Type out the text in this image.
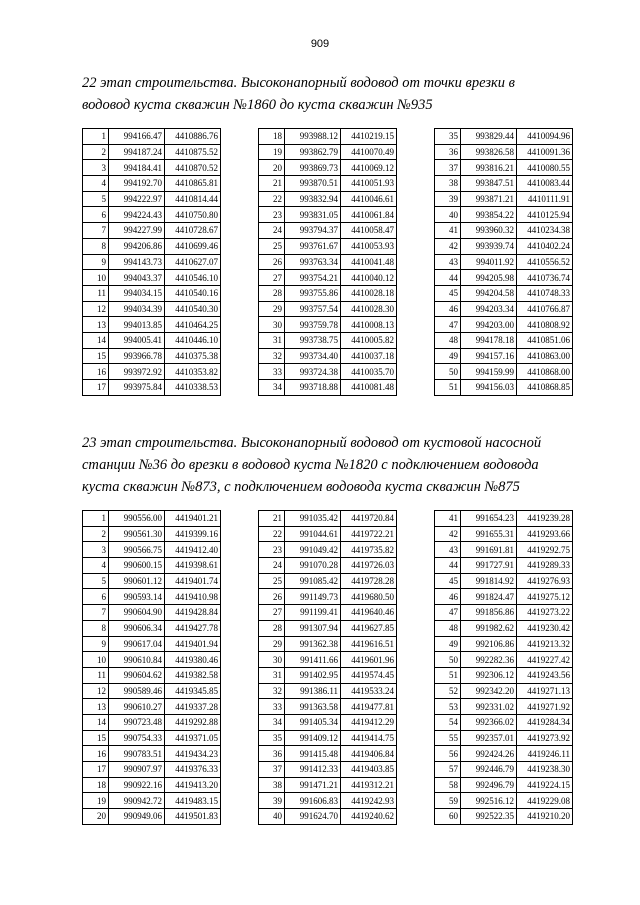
909
22 этап строительства. Высоконапорный водовод от точки врезки в
водовод куста скважин №1860 до куста скважин №935
1	994166.47	4410886.76
2	994187.24	4410875.52
3	994184.41	4410870.52
4	994192.70	4410865.81
5	994222.97	4410814.44
6	994224.43	4410750.80
7	994227.99	4410728.67
8	994206.86	4410699.46
9	994143.73	4410627.07
10	994043.37	4410546.10
11	994034.15	4410540.16
12	994034.39	4410540.30
13	994013.85	4410464.25
14	994005.41	4410446.10
15	993966.78	4410375.38
16	993972.92	4410353.82
17	993975.84	4410338.53
18	993988.12	4410219.15
19	993862.79	4410070.49
20	993869.73	4410069.12
21	993870.51	4410051.93
22	993832.94	4410046.61
23	993831.05	4410061.84
24	993794.37	4410058.47
25	993761.67	4410053.93
26	993763.34	4410041.48
27	993754.21	4410040.12
28	993755.86	4410028.18
29	993757.54	4410028.30
30	993759.78	4410008.13
31	993738.75	4410005.82
32	993734.40	4410037.18
33	993724.38	4410035.70
34	993718.88	4410081.48
35	993829.44	4410094.96
36	993826.58	4410091.36
37	993816.21	4410080.55
38	993847.51	4410083.44
39	993871.21	4410111.91
40	993854.22	4410125.94
41	993960.32	4410234.38
42	993939.74	4410402.24
43	994011.92	4410556.52
44	994205.98	4410736.74
45	994204.58	4410748.33
46	994203.34	4410766.87
47	994203.00	4410808.92
48	994178.18	4410851.06
49	994157.16	4410863.00
50	994159.99	4410868.00
51	994156.03	4410868.85
23 этап строительства. Высоконапорный водовод от кустовой насосной
станции №36 до врезки в водовод куста №1820 с подключением водовода
куста скважин №873, с подключением водовода куста скважин №875
1	990556.00	4419401.21
2	990561.30	4419399.16
3	990566.75	4419412.40
4	990600.15	4419398.61
5	990601.12	4419401.74
6	990593.14	4419410.98
7	990604.90	4419428.84
8	990606.34	4419427.78
9	990617.04	4419401.94
10	990610.84	4419380.46
11	990604.62	4419382.58
12	990589.46	4419345.85
13	990610.27	4419337.28
14	990723.48	4419292.88
15	990754.33	4419371.05
16	990783.51	4419434.23
17	990907.97	4419376.33
18	990922.16	4419413.20
19	990942.72	4419483.15
20	990949.06	4419501.83
21	991035.42	4419720.84
22	991044.61	4419722.21
23	991049.42	4419735.82
24	991070.28	4419726.03
25	991085.42	4419728.28
26	991149.73	4419680.50
27	991199.41	4419640.46
28	991307.94	4419627.85
29	991362.38	4419616.51
30	991411.66	4419601.96
31	991402.95	4419574.45
32	991386.11	4419533.24
33	991363.58	4419477.81
34	991405.34	4419412.29
35	991409.12	4419414.75
36	991415.48	4419406.84
37	991412.33	4419403.85
38	991471.21	4419312.21
39	991606.83	4419242.93
40	991624.70	4419240.62
41	991654.23	4419239.28
42	991655.31	4419293.66
43	991691.81	4419292.75
44	991727.91	4419289.33
45	991814.92	4419276.93
46	991824.47	4419275.12
47	991856.86	4419273.22
48	991982.62	4419230.42
49	992106.86	4419213.32
50	992282.36	4419227.42
51	992306.12	4419243.56
52	992342.20	4419271.13
53	992331.02	4419271.92
54	992366.02	4419284.34
55	992357.01	4419273.92
56	992424.26	4419246.11
57	992446.79	4419238.30
58	992496.79	4419224.15
59	992516.12	4419229.08
60	992522.35	4419210.20
